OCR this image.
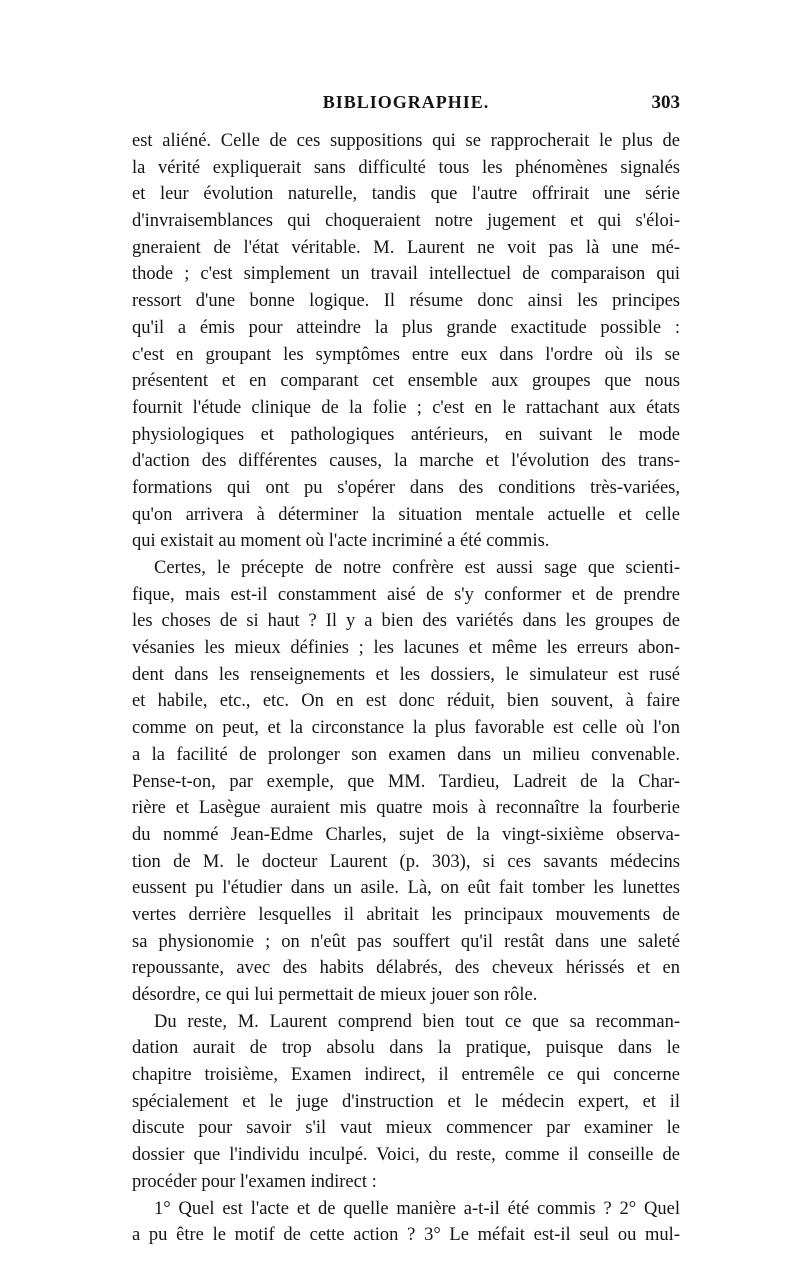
BIBLIOGRAPHIE.	303
est aliéné. Celle de ces suppositions qui se rapprocherait le plus de
la vérité expliquerait sans difficulté tous les phénomènes signalés
et leur évolution naturelle, tandis que l'autre offrirait une série
d'invraisemblances qui choqueraient notre jugement et qui s'éloi-
gneraient de l'état véritable. M. Laurent ne voit pas là une mé-
thode ; c'est simplement un travail intellectuel de comparaison qui
ressort d'une bonne logique. Il résume donc ainsi les principes
qu'il a émis pour atteindre la plus grande exactitude possible :
c'est en groupant les symptômes entre eux dans l'ordre où ils se
présentent et en comparant cet ensemble aux groupes que nous
fournit l'étude clinique de la folie ; c'est en le rattachant aux états
physiologiques et pathologiques antérieurs, en suivant le mode
d'action des différentes causes, la marche et l'évolution des trans-
formations qui ont pu s'opérer dans des conditions très-variées,
qu'on arrivera à déterminer la situation mentale actuelle et celle
qui existait au moment où l'acte incriminé a été commis.
Certes, le précepte de notre confrère est aussi sage que scienti-
fique, mais est-il constamment aisé de s'y conformer et de prendre
les choses de si haut ? Il y a bien des variétés dans les groupes de
vésanies les mieux définies ; les lacunes et même les erreurs abon-
dent dans les renseignements et les dossiers, le simulateur est rusé
et habile, etc., etc. On en est donc réduit, bien souvent, à faire
comme on peut, et la circonstance la plus favorable est celle où l'on
a la facilité de prolonger son examen dans un milieu convenable.
Pense-t-on, par exemple, que MM. Tardieu, Ladreit de la Char-
rière et Lasègue auraient mis quatre mois à reconnaître la fourberie
du nommé Jean-Edme Charles, sujet de la vingt-sixième observa-
tion de M. le docteur Laurent (p. 303), si ces savants médecins
eussent pu l'étudier dans un asile. Là, on eût fait tomber les lunettes
vertes derrière lesquelles il abritait les principaux mouvements de
sa physionomie ; on n'eût pas souffert qu'il restât dans une saleté
repoussante, avec des habits délabrés, des cheveux hérissés et en
désordre, ce qui lui permettait de mieux jouer son rôle.
Du reste, M. Laurent comprend bien tout ce que sa recomman-
dation aurait de trop absolu dans la pratique, puisque dans le
chapitre troisième, Examen indirect, il entremêle ce qui concerne
spécialement et le juge d'instruction et le médecin expert, et il
discute pour savoir s'il vaut mieux commencer par examiner le
dossier que l'individu inculpé. Voici, du reste, comme il conseille de
procéder pour l'examen indirect :
1° Quel est l'acte et de quelle manière a-t-il été commis ? 2° Quel
a pu être le motif de cette action ? 3° Le méfait est-il seul ou mul-
